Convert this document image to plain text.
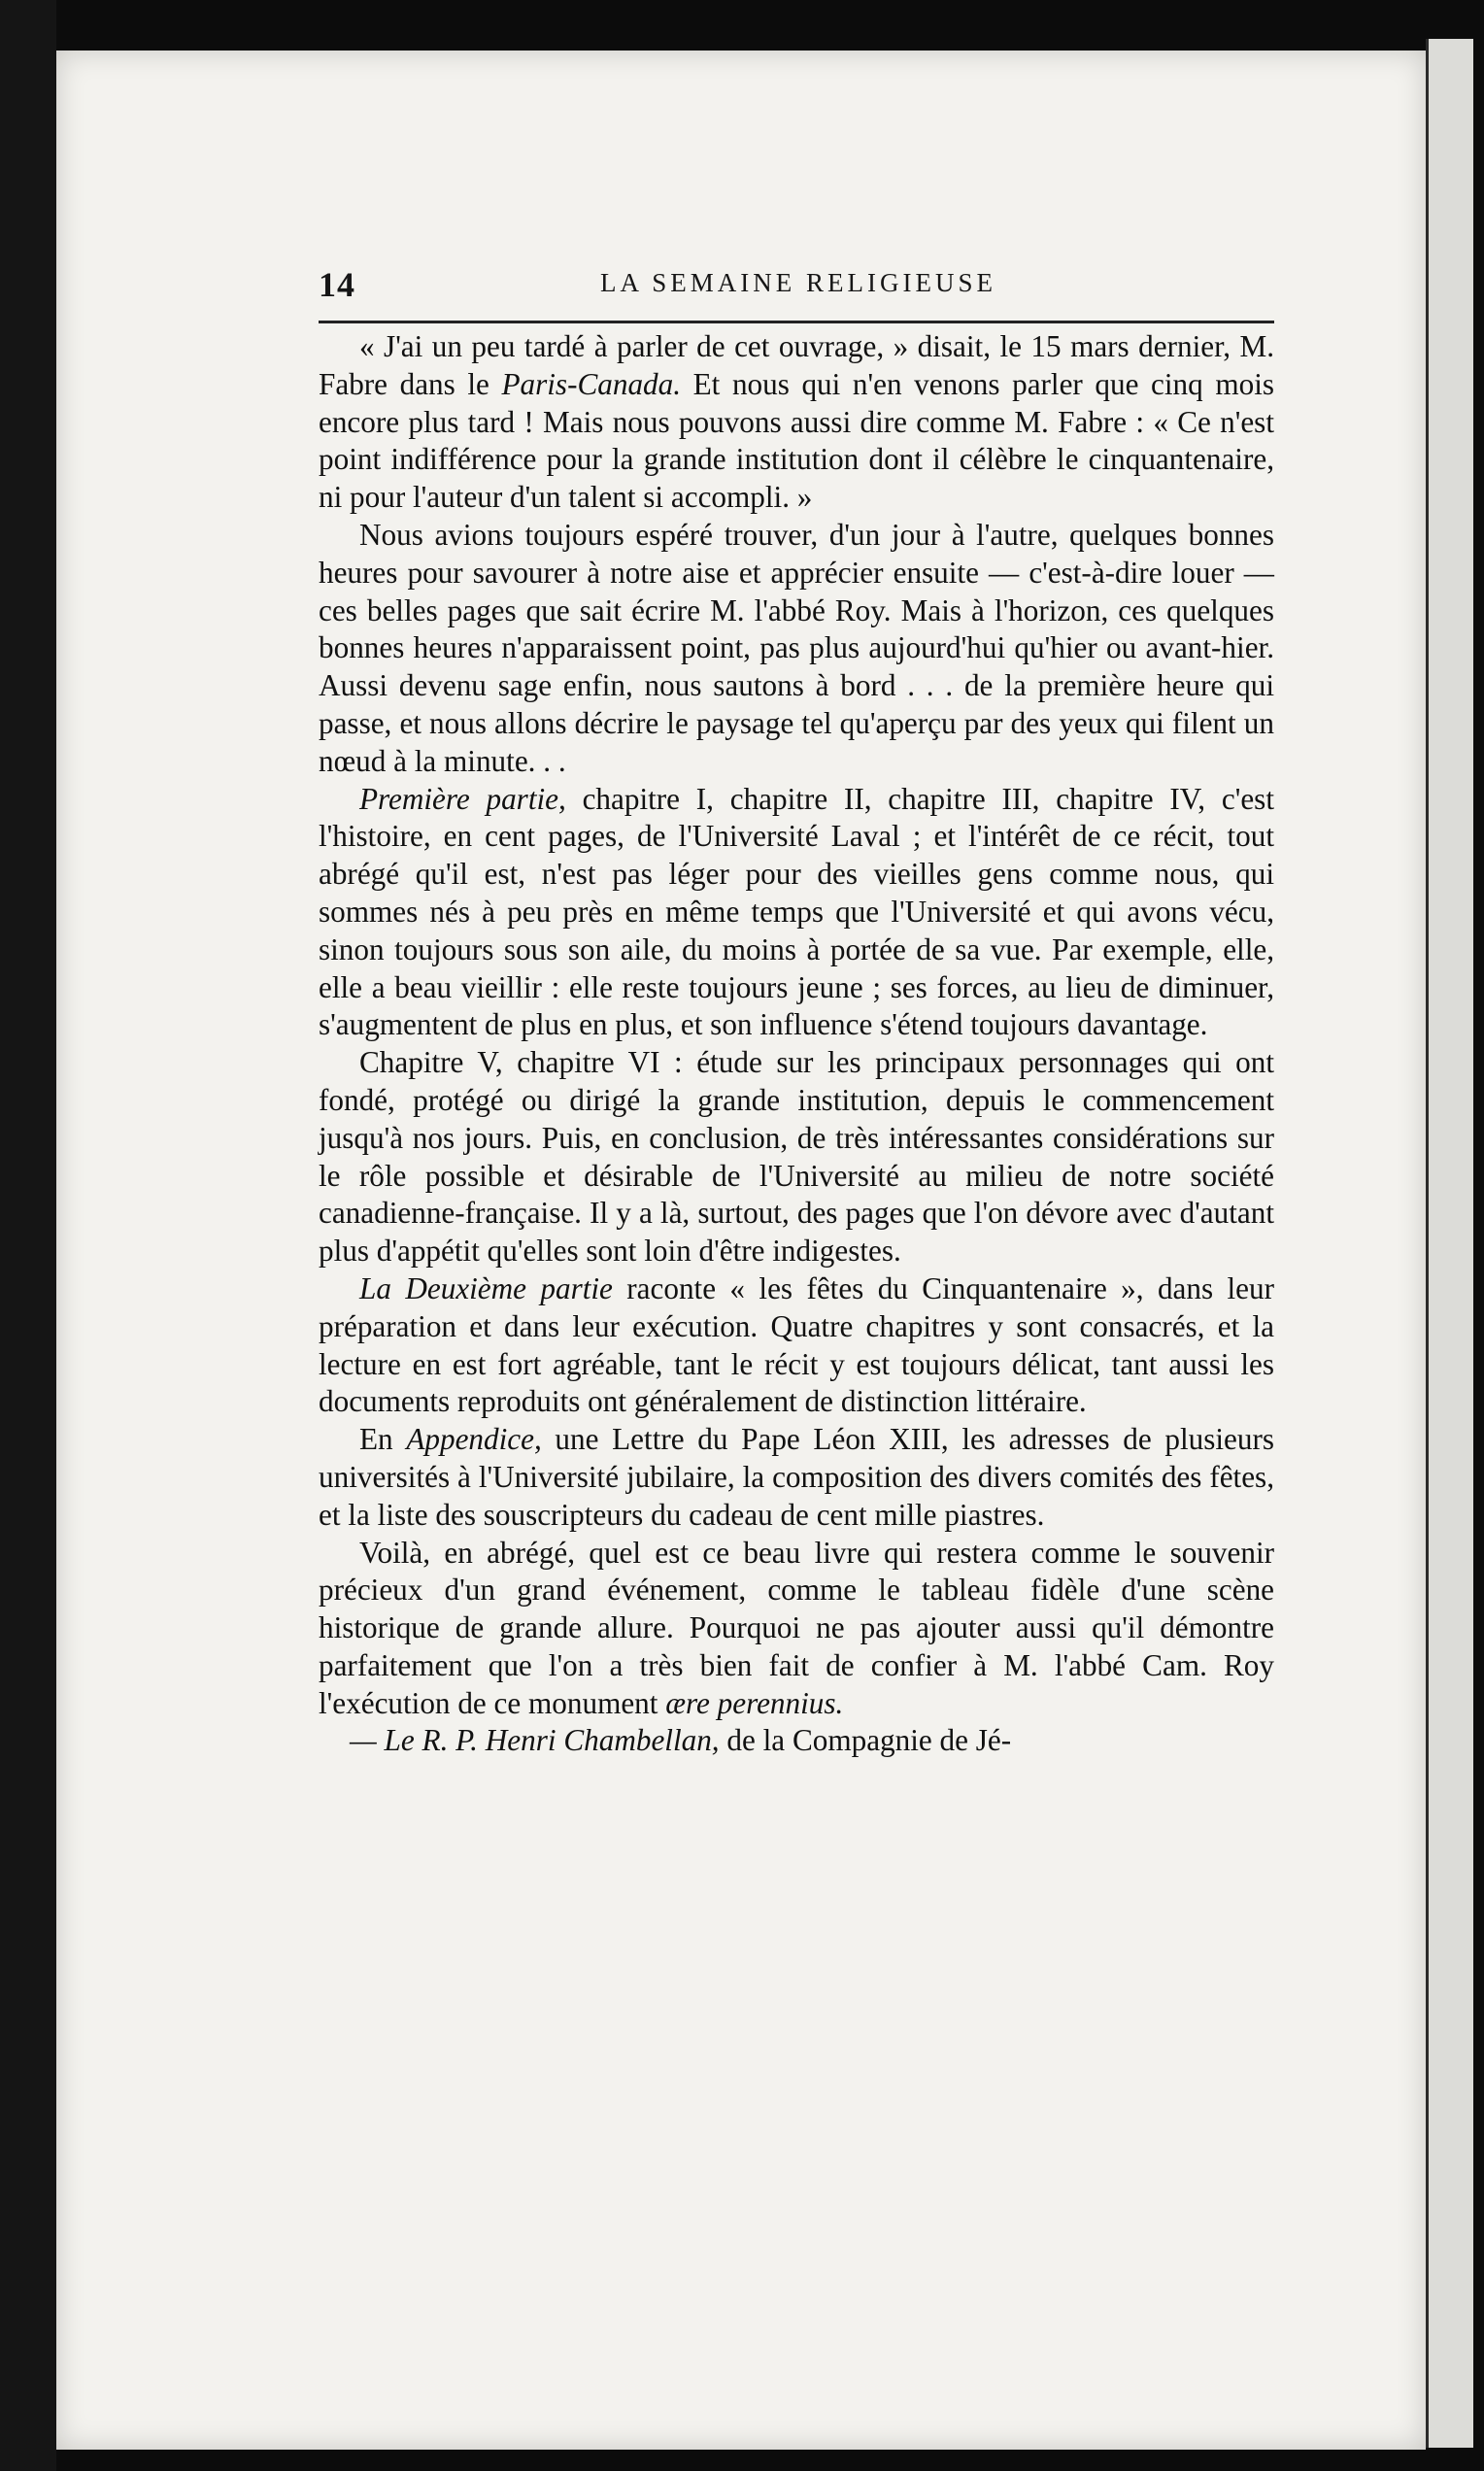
14	LA SEMAINE RELIGIEUSE

« J'ai un peu tardé à parler de cet ouvrage, » disait, le 15 mars dernier, M. Fabre dans le Paris-Canada. Et nous qui n'en venons parler que cinq mois encore plus tard ! Mais nous pouvons aussi dire comme M. Fabre : « Ce n'est point indifférence pour la grande institution dont il célèbre le cinquantenaire, ni pour l'auteur d'un talent si accompli. »

Nous avions toujours espéré trouver, d'un jour à l'autre, quelques bonnes heures pour savourer à notre aise et apprécier ensuite — c'est-à-dire louer — ces belles pages que sait écrire M. l'abbé Roy. Mais à l'horizon, ces quelques bonnes heures n'apparaissent point, pas plus aujourd'hui qu'hier ou avant-hier. Aussi devenu sage enfin, nous sautons à bord . . . de la première heure qui passe, et nous allons décrire le paysage tel qu'aperçu par des yeux qui filent un nœud à la minute. . .

Première partie, chapitre I, chapitre II, chapitre III, chapitre IV, c'est l'histoire, en cent pages, de l'Université Laval ; et l'intérêt de ce récit, tout abrégé qu'il est, n'est pas léger pour des vieilles gens comme nous, qui sommes nés à peu près en même temps que l'Université et qui avons vécu, sinon toujours sous son aile, du moins à portée de sa vue. Par exemple, elle, elle a beau vieillir : elle reste toujours jeune ; ses forces, au lieu de diminuer, s'augmentent de plus en plus, et son influence s'étend toujours davantage.

Chapitre V, chapitre VI : étude sur les principaux personnages qui ont fondé, protégé ou dirigé la grande institution, depuis le commencement jusqu'à nos jours. Puis, en conclusion, de très intéressantes considérations sur le rôle possible et désirable de l'Université au milieu de notre société canadienne-française. Il y a là, surtout, des pages que l'on dévore avec d'autant plus d'appétit qu'elles sont loin d'être indigestes.

La Deuxième partie raconte « les fêtes du Cinquantenaire », dans leur préparation et dans leur exécution. Quatre chapitres y sont consacrés, et la lecture en est fort agréable, tant le récit y est toujours délicat, tant aussi les documents reproduits ont généralement de distinction littéraire.

En Appendice, une Lettre du Pape Léon XIII, les adresses de plusieurs universités à l'Université jubilaire, la composition des divers comités des fêtes, et la liste des souscripteurs du cadeau de cent mille piastres.

Voilà, en abrégé, quel est ce beau livre qui restera comme le souvenir précieux d'un grand événement, comme le tableau fidèle d'une scène historique de grande allure. Pourquoi ne pas ajouter aussi qu'il démontre parfaitement que l'on a très bien fait de confier à M. l'abbé Cam. Roy l'exécution de ce monument ære perennius.

— Le R. P. Henri Chambellan, de la Compagnie de Jé-
